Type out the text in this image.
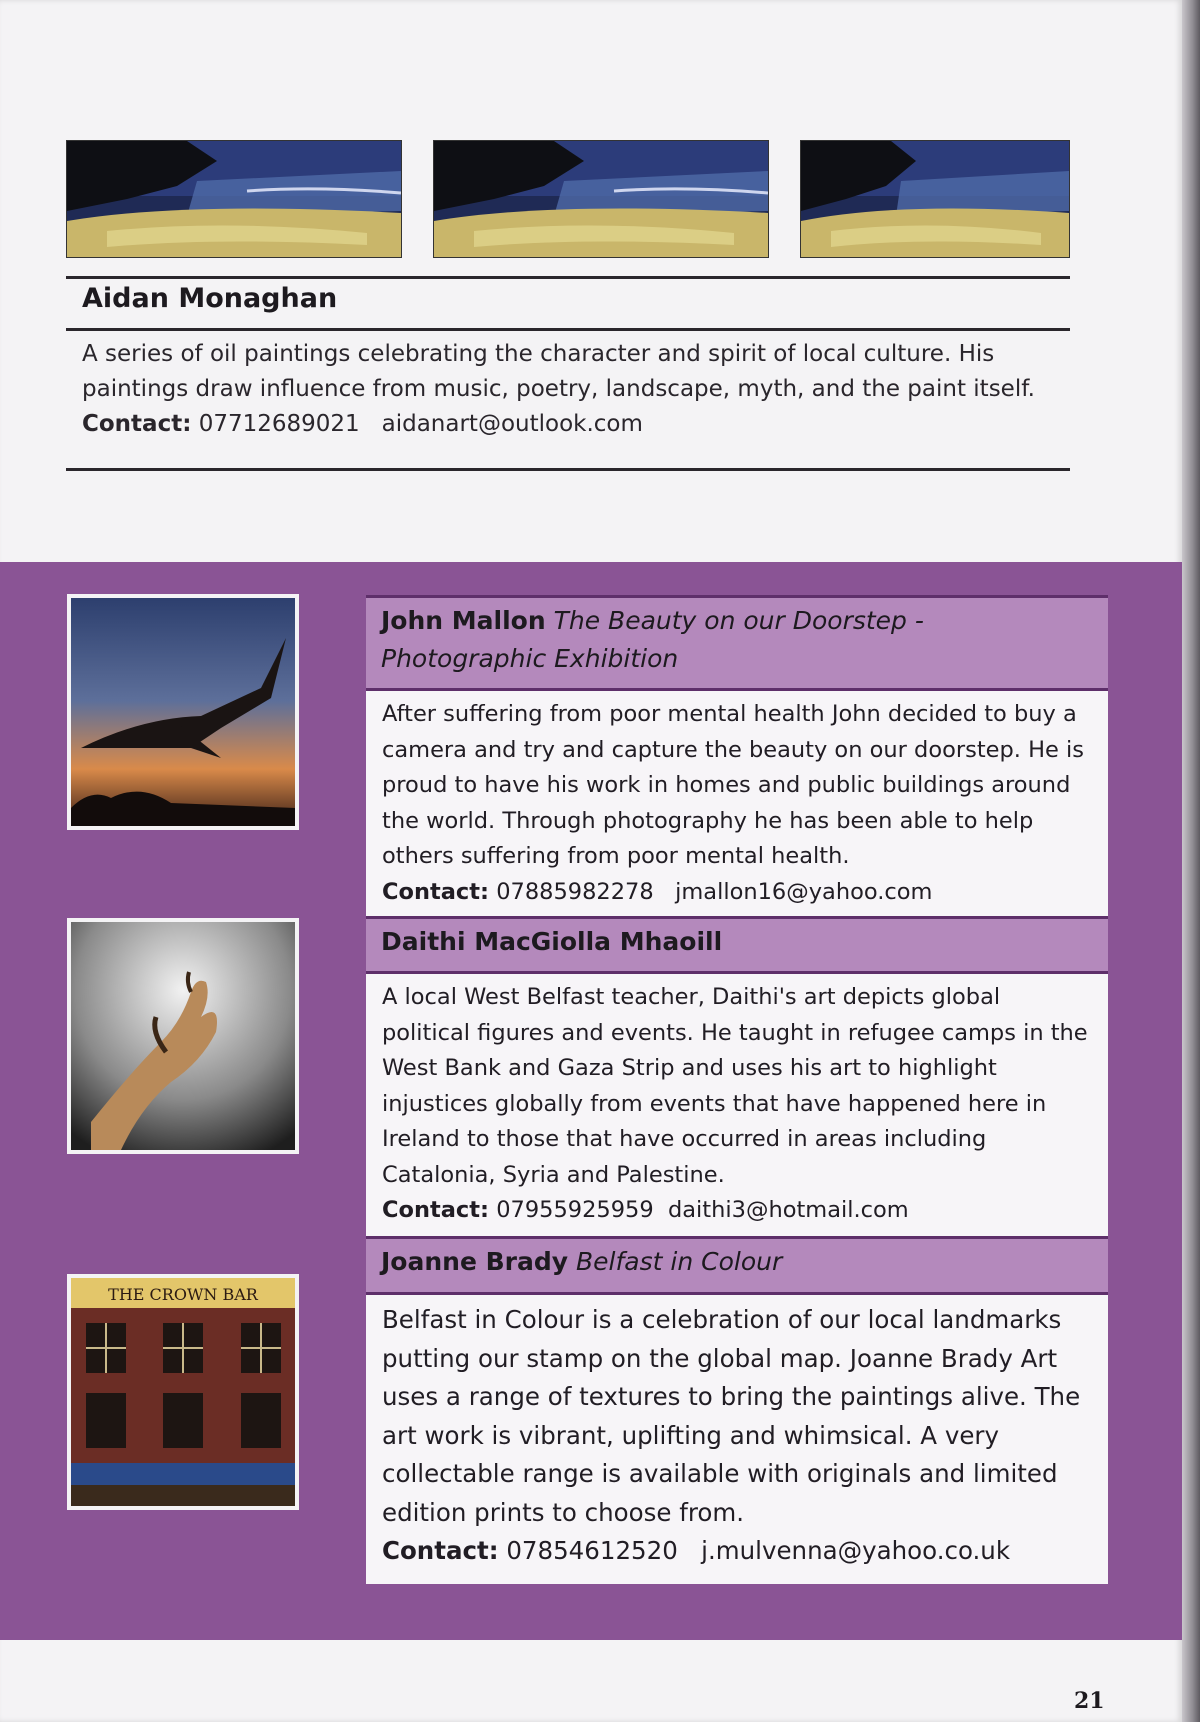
Aidan Monaghan
A series of oil paintings celebrating the character and spirit of local culture. His paintings draw influence from music, poetry, landscape, myth, and the paint itself. Contact: 07712689021 aidanart@outlook.com
THE CROWN BAR
John Mallon The Beauty on our Doorstep - Photographic Exhibition
After suffering from poor mental health John decided to buy a camera and try and capture the beauty on our doorstep. He is proud to have his work in homes and public buildings around the world. Through photography he has been able to help others suffering from poor mental health.
Contact: 07885982278 jmallon16@yahoo.com
Daithi MacGiolla Mhaoill
A local West Belfast teacher, Daithi's art depicts global political figures and events. He taught in refugee camps in the West Bank and Gaza Strip and uses his art to highlight injustices globally from events that have happened here in Ireland to those that have occurred in areas including Catalonia, Syria and Palestine.
Contact: 07955925959 daithi3@hotmail.com
Joanne Brady Belfast in Colour
Belfast in Colour is a celebration of our local landmarks putting our stamp on the global map. Joanne Brady Art uses a range of textures to bring the paintings alive. The art work is vibrant, uplifting and whimsical. A very collectable range is available with originals and limited edition prints to choose from.
Contact: 07854612520 j.mulvenna@yahoo.co.uk
21
